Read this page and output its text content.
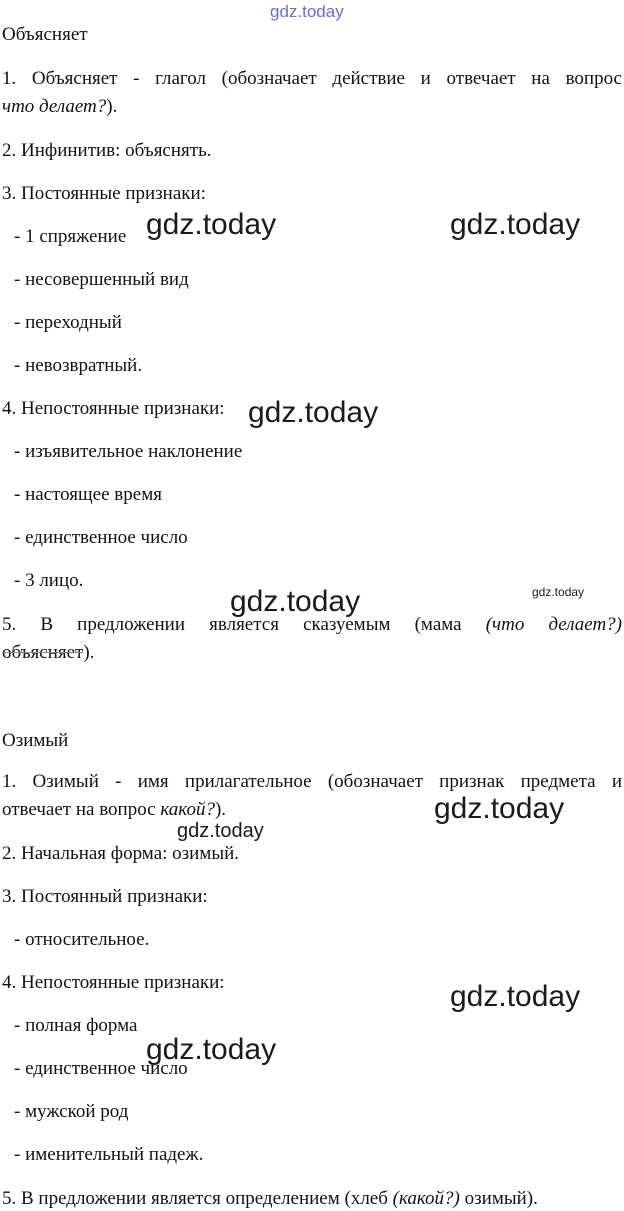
gdz.today
gdz.today	gdz.today
gdz.today
gdz.today	gdz.today
gdz.today
gdz.today
gdz.today
gdz.today
Объясняет
1. Объясняет - глагол (обозначает действие и отвечает на вопрос
что делает?).
2. Инфинитив: объяснять.
3. Постоянные признаки:
- 1 спряжение
- несовершенный вид
- переходный
- невозвратный.
4. Непостоянные признаки:
- изъявительное наклонение
- настоящее время
- единственное число
- 3 лицо.
5. В предложении является сказуемым (мама (что делает?)
объясняет).
Озимый
1. Озимый - имя прилагательное (обозначает признак предмета и
отвечает на вопрос какой?).
2. Начальная форма: озимый.
3. Постоянный признаки:
- относительное.
4. Непостоянные признаки:
- полная форма
- единственное число
- мужской род
- именительный падеж.
5. В предложении является определением (хлеб (какой?) озимый).
